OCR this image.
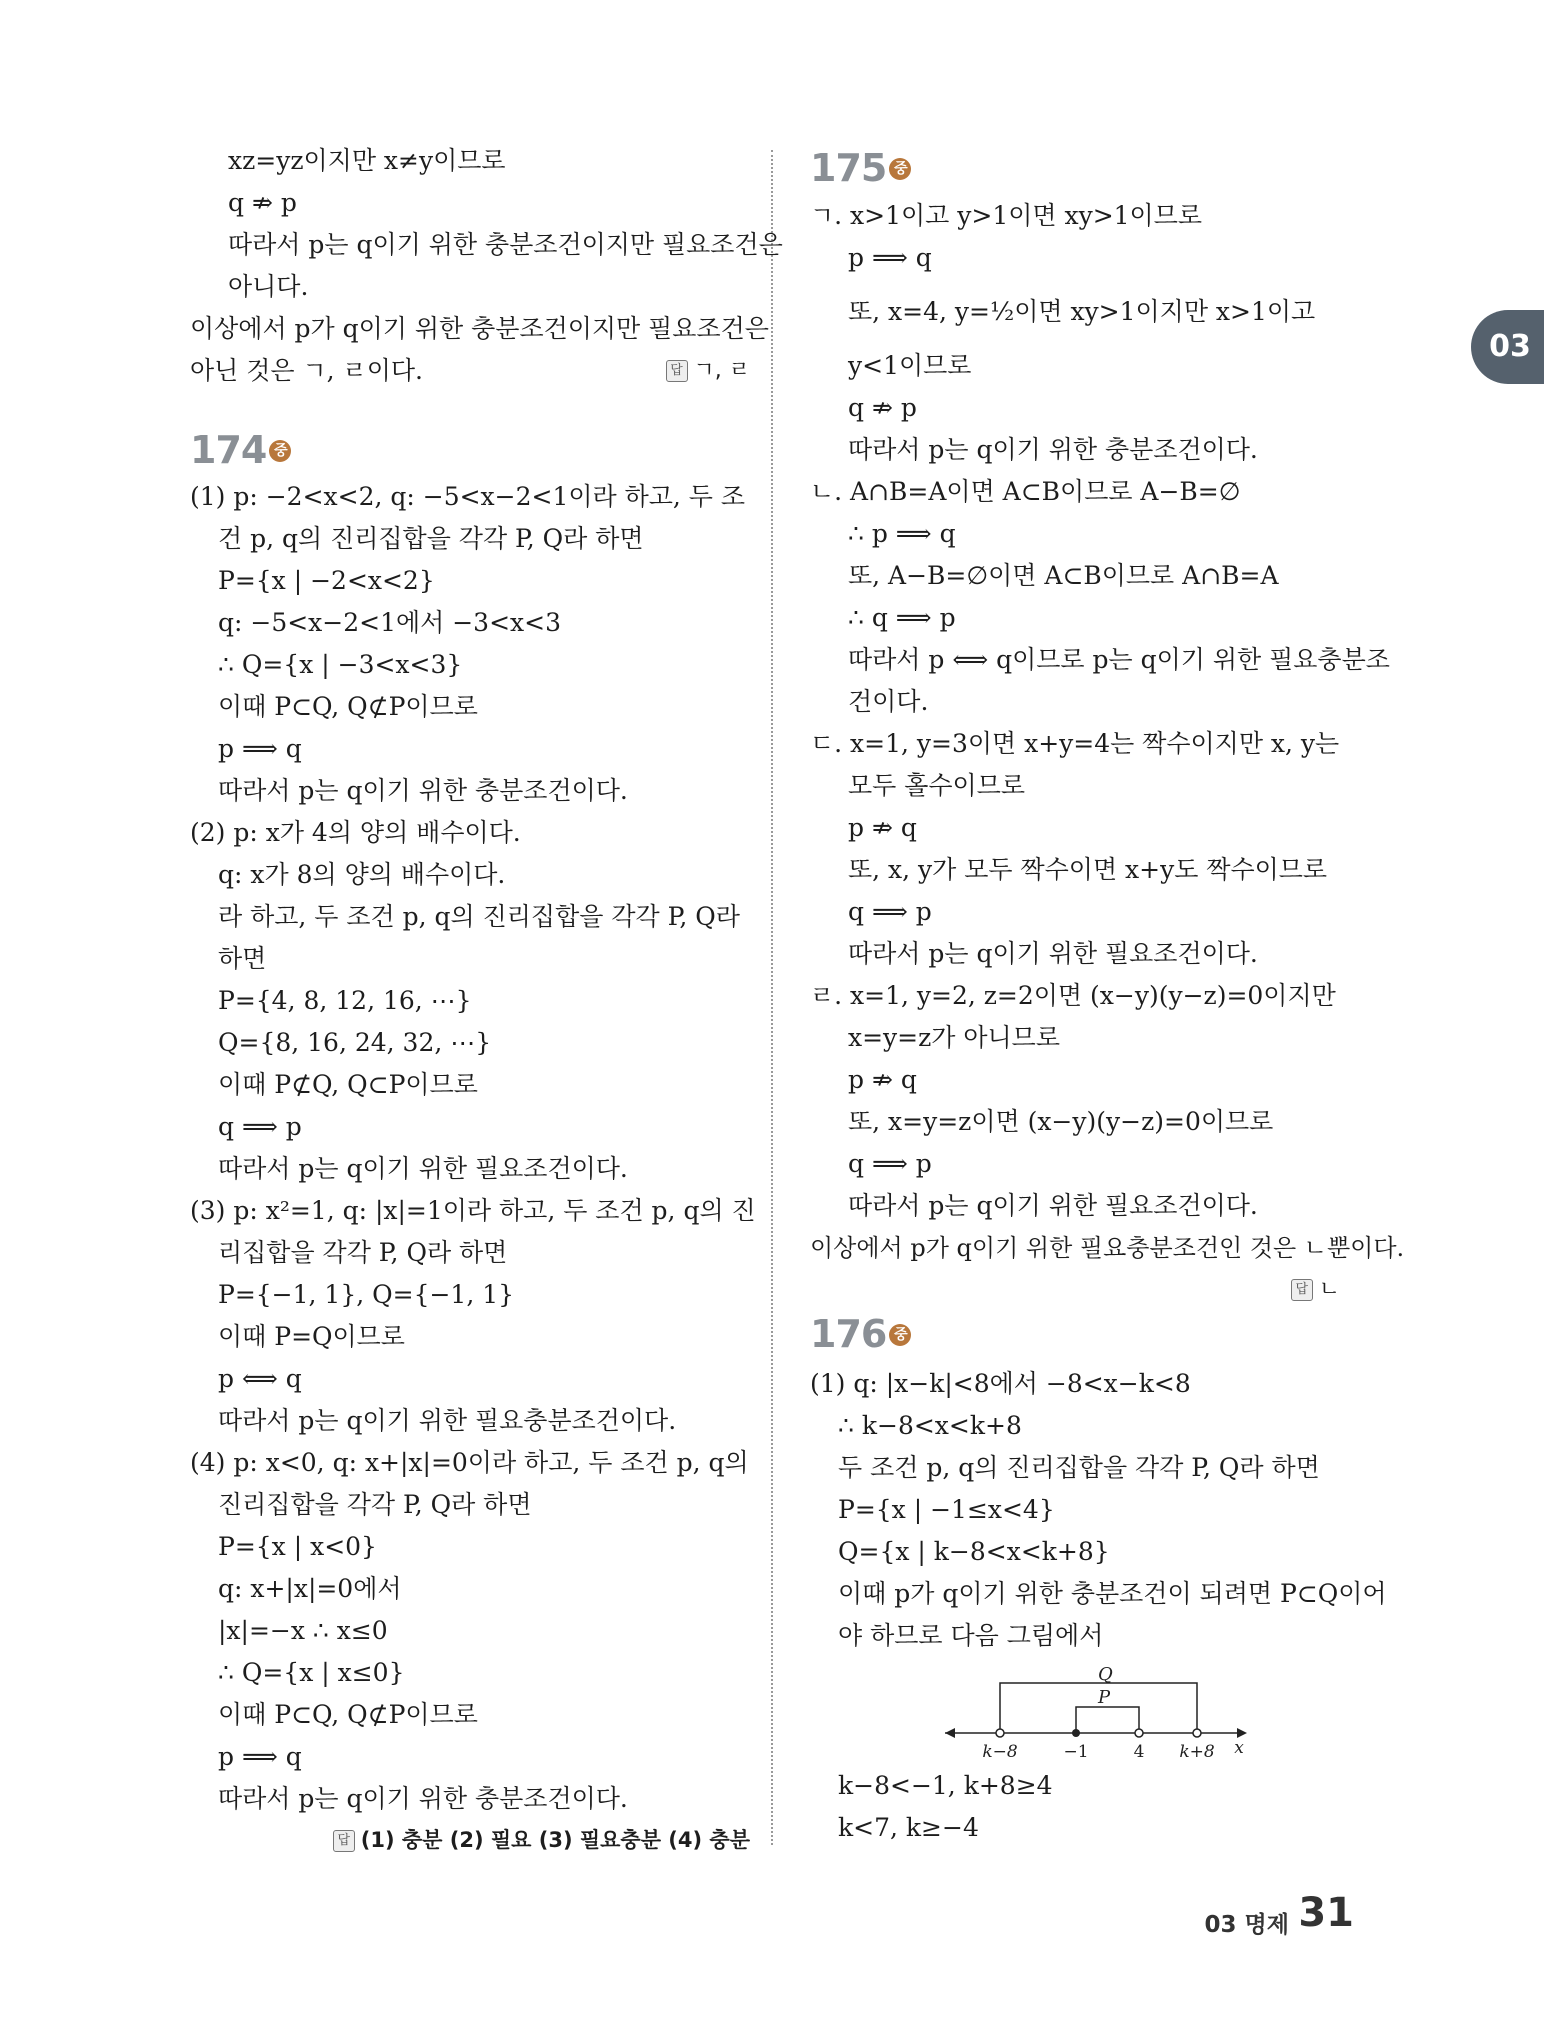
03
xz=yz이지만 x≠y이므로
q ⇏ p
따라서 p는 q이기 위한 충분조건이지만 필요조건은
아니다.
이상에서 p가 q이기 위한 충분조건이지만 필요조건은
아닌 것은 ㄱ, ㄹ이다.	답 ㄱ, ㄹ
174 중
(1) p: −2<x<2, q: −5<x−2<1이라 하고, 두 조
건 p, q의 진리집합을 각각 P, Q라 하면
P={x | −2<x<2}
q: −5<x−2<1에서 −3<x<3
∴ Q={x | −3<x<3}
이때 P⊂Q, Q⊄P이므로
p ⟹ q
따라서 p는 q이기 위한 충분조건이다.
(2) p: x가 4의 양의 배수이다.
q: x가 8의 양의 배수이다.
라 하고, 두 조건 p, q의 진리집합을 각각 P, Q라
하면
P={4, 8, 12, 16, ⋯}
Q={8, 16, 24, 32, ⋯}
이때 P⊄Q, Q⊂P이므로
q ⟹ p
따라서 p는 q이기 위한 필요조건이다.
(3) p: x²=1, q: |x|=1이라 하고, 두 조건 p, q의 진
리집합을 각각 P, Q라 하면
P={−1, 1}, Q={−1, 1}
이때 P=Q이므로
p ⟺ q
따라서 p는 q이기 위한 필요충분조건이다.
(4) p: x<0, q: x+|x|=0이라 하고, 두 조건 p, q의
진리집합을 각각 P, Q라 하면
P={x | x<0}
q: x+|x|=0에서
|x|=−x ∴ x≤0
∴ Q={x | x≤0}
이때 P⊂Q, Q⊄P이므로
p ⟹ q
따라서 p는 q이기 위한 충분조건이다.
답 (1) 충분 (2) 필요 (3) 필요충분 (4) 충분
175 중
ㄱ. x>1이고 y>1이면 xy>1이므로
p ⟹ q
또, x=4, y=½이면 xy>1이지만 x>1이고
y<1이므로
q ⇏ p
따라서 p는 q이기 위한 충분조건이다.
ㄴ. A∩B=A이면 A⊂B이므로 A−B=∅
∴ p ⟹ q
또, A−B=∅이면 A⊂B이므로 A∩B=A
∴ q ⟹ p
따라서 p ⟺ q이므로 p는 q이기 위한 필요충분조
건이다.
ㄷ. x=1, y=3이면 x+y=4는 짝수이지만 x, y는
모두 홀수이므로
p ⇏ q
또, x, y가 모두 짝수이면 x+y도 짝수이므로
q ⟹ p
따라서 p는 q이기 위한 필요조건이다.
ㄹ. x=1, y=2, z=2이면 (x−y)(y−z)=0이지만
x=y=z가 아니므로
p ⇏ q
또, x=y=z이면 (x−y)(y−z)=0이므로
q ⟹ p
따라서 p는 q이기 위한 필요조건이다.
이상에서 p가 q이기 위한 필요충분조건인 것은 ㄴ뿐이다.
답 ㄴ
176 중
(1) q: |x−k|<8에서 −8<x−k<8
∴ k−8<x<k+8
두 조건 p, q의 진리집합을 각각 P, Q라 하면
P={x | −1≤x<4}
Q={x | k−8<x<k+8}
이때 p가 q이기 위한 충분조건이 되려면 P⊂Q이어
야 하므로 다음 그림에서
k−8<−1, k+8≥4
k<7, k≥−4
Q
P
k−8	−1	4 k+8 x
03 명제 31
